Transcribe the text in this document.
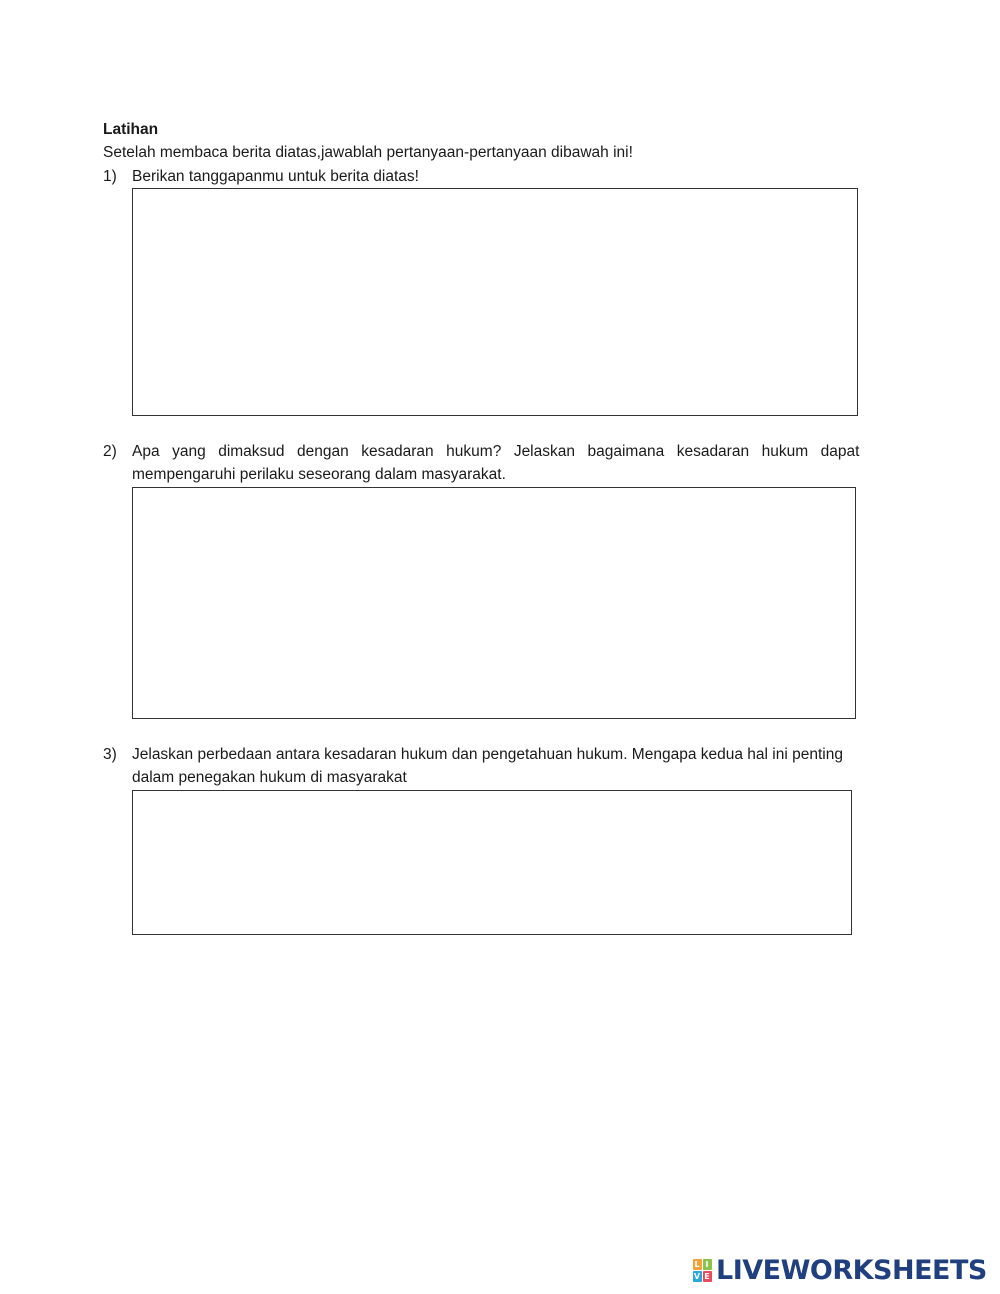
Latihan
Setelah membaca berita diatas,jawablah pertanyaan-pertanyaan dibawah ini!
1) Berikan tanggapanmu untuk berita diatas!
2) Apa yang dimaksud dengan kesadaran hukum? Jelaskan bagaimana kesadaran hukum dapat
mempengaruhi perilaku seseorang dalam masyarakat.
3) Jelaskan perbedaan antara kesadaran hukum dan pengetahuan hukum. Mengapa kedua hal ini penting
dalam penegakan hukum di masyarakat
L I
V E LIVEWORKSHEETS
